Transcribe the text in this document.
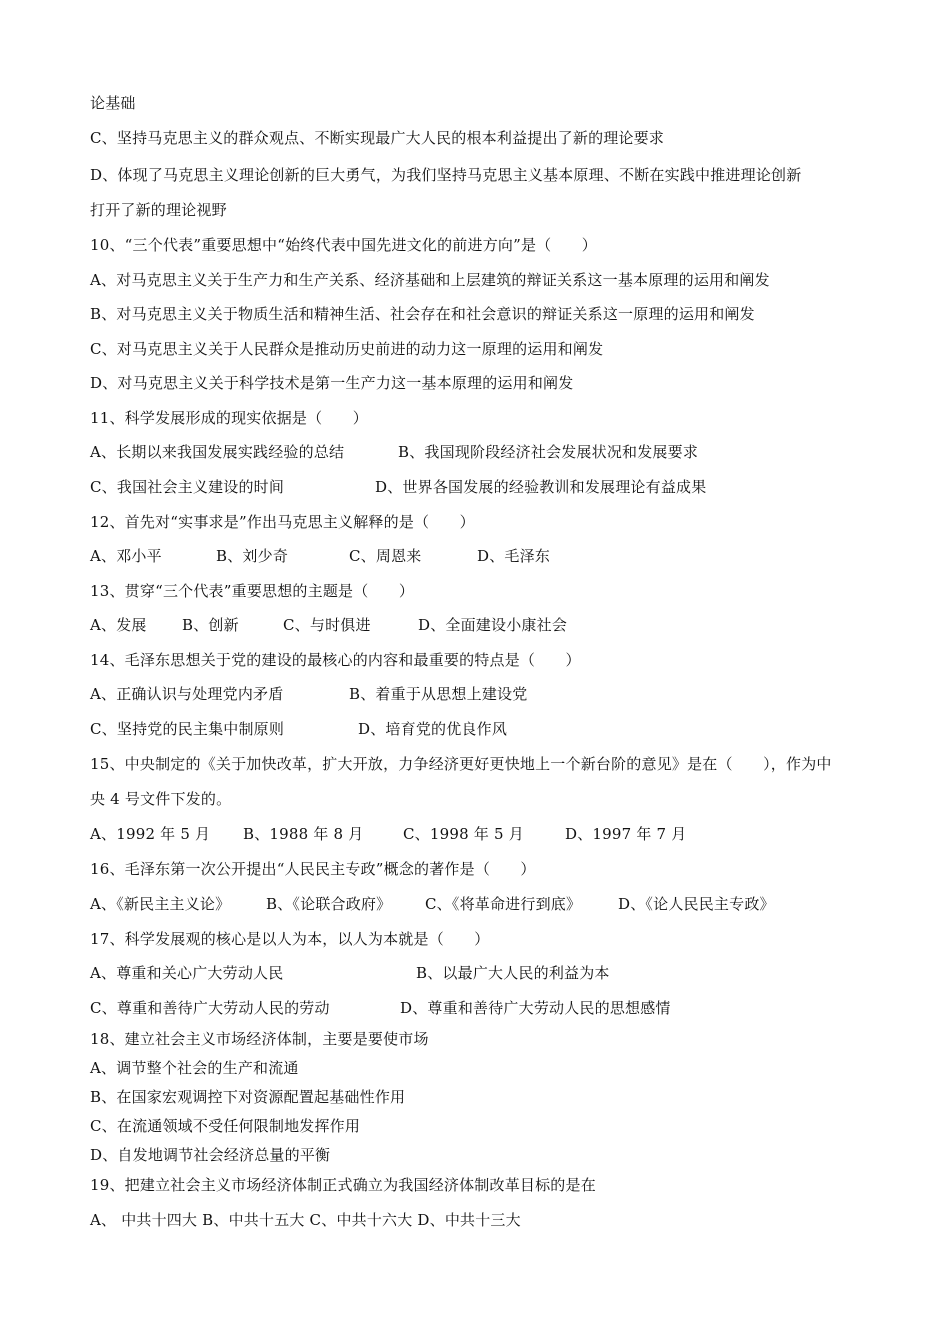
论基础
C、坚持马克思主义的群众观点、不断实现最广大人民的根本利益提出了新的理论要求
D、体现了马克思主义理论创新的巨大勇气，为我们坚持马克思主义基本原理、不断在实践中推进理论创新
打开了新的理论视野
10、“三个代表”重要思想中“始终代表中国先进文化的前进方向”是（　　）
A、对马克思主义关于生产力和生产关系、经济基础和上层建筑的辩证关系这一基本原理的运用和阐发
B、对马克思主义关于物质生活和精神生活、社会存在和社会意识的辩证关系这一原理的运用和阐发
C、对马克思主义关于人民群众是推动历史前进的动力这一原理的运用和阐发
D、对马克思主义关于科学技术是第一生产力这一基本原理的运用和阐发
11、科学发展形成的现实依据是（　　）
A、长期以来我国发展实践经验的总结	B、我国现阶段经济社会发展状况和发展要求
C、我国社会主义建设的时间	D、世界各国发展的经验教训和发展理论有益成果
12、首先对“实事求是”作出马克思主义解释的是（　　）
A、邓小平	B、刘少奇	C、周恩来	D、毛泽东
13、贯穿“三个代表”重要思想的主题是（　　）
A、发展 B、创新	C、与时俱进	D、全面建设小康社会
14、毛泽东思想关于党的建设的最核心的内容和最重要的特点是（　　）
A、正确认识与处理党内矛盾	B、着重于从思想上建设党
C、坚持党的民主集中制原则	D、培育党的优良作风
15、中央制定的《关于加快改革，扩大开放，力争经济更好更快地上一个新台阶的意见》是在（　　），作为中
央 4 号文件下发的。
A、1992 年 5 月 B、1988 年 8 月	C、1998 年 5 月	D、1997 年 7 月
16、毛泽东第一次公开提出“人民民主专政”概念的著作是（　　）
A、《新民主主义论》 B、《论联合政府》 C、《将革命进行到底》 D、《论人民民主专政》
17、科学发展观的核心是以人为本，以人为本就是（　　）
A、尊重和关心广大劳动人民	B、以最广大人民的利益为本
C、尊重和善待广大劳动人民的劳动	D、尊重和善待广大劳动人民的思想感情
18、建立社会主义市场经济体制，主要是要使市场
A、调节整个社会的生产和流通
B、在国家宏观调控下对资源配置起基础性作用
C、在流通领域不受任何限制地发挥作用
D、自发地调节社会经济总量的平衡
19、把建立社会主义市场经济体制正式确立为我国经济体制改革目标的是在
A、 中共十四大 B、中共十五大 C、中共十六大 D、中共十三大
